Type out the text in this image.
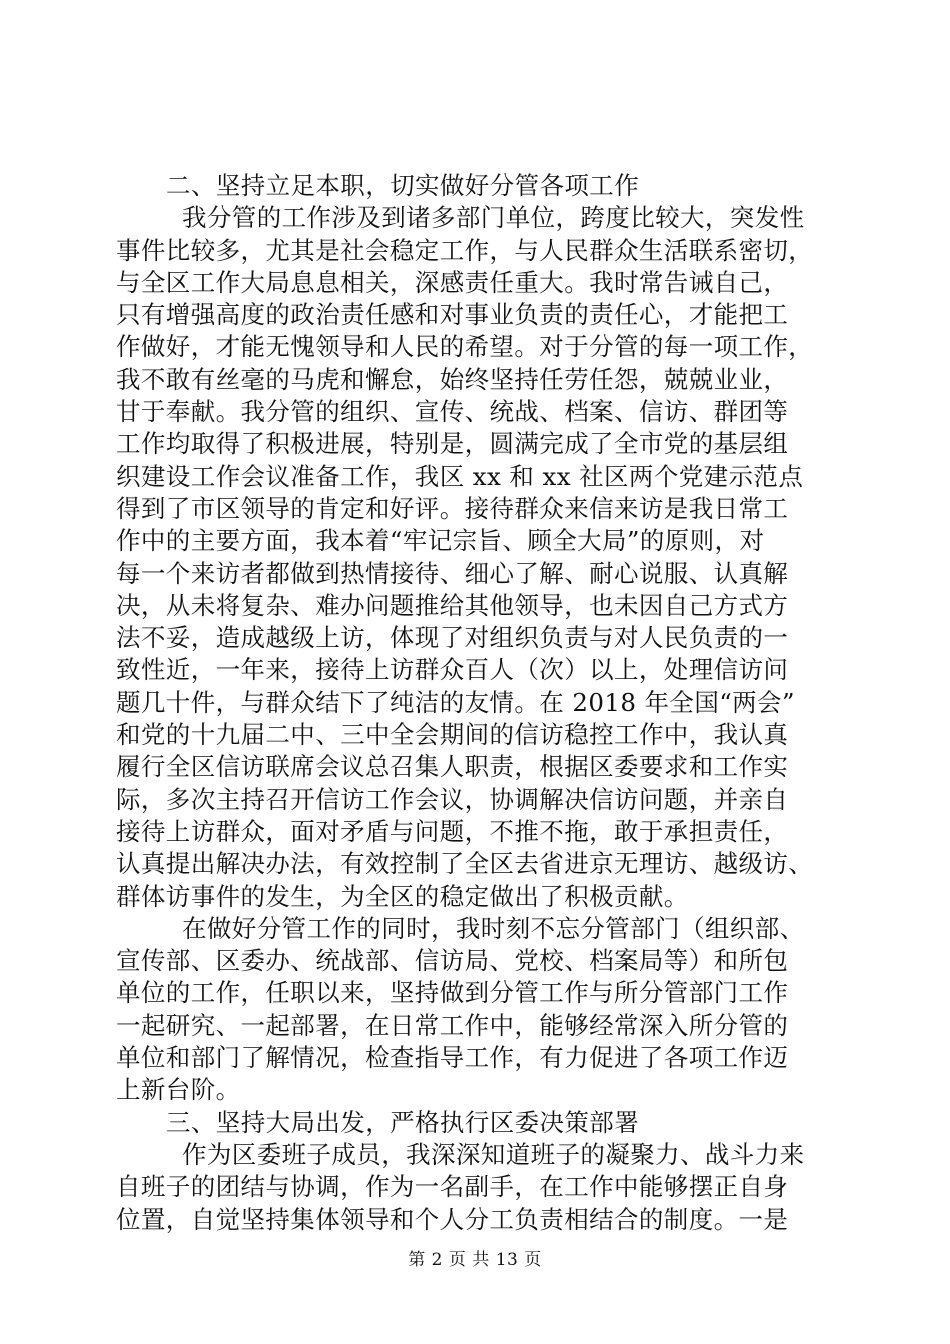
二、坚持立足本职，切实做好分管各项工作
我分管的工作涉及到诸多部门单位，跨度比较大，突发性
事件比较多，尤其是社会稳定工作，与人民群众生活联系密切，
与全区工作大局息息相关，深感责任重大。我时常告诫自己，
只有增强高度的政治责任感和对事业负责的责任心，才能把工
作做好，才能无愧领导和人民的希望。对于分管的每一项工作，
我不敢有丝毫的马虎和懈怠，始终坚持任劳任怨，兢兢业业，
甘于奉献。我分管的组织、宣传、统战、档案、信访、群团等
工作均取得了积极进展，特别是，圆满完成了全市党的基层组
织建设工作会议准备工作，我区 xx 和 xx 社区两个党建示范点
得到了市区领导的肯定和好评。接待群众来信来访是我日常工
作中的主要方面，我本着“牢记宗旨、顾全大局”的原则，对
每一个来访者都做到热情接待、细心了解、耐心说服、认真解
决，从未将复杂、难办问题推给其他领导，也未因自己方式方
法不妥，造成越级上访，体现了对组织负责与对人民负责的一
致性近，一年来，接待上访群众百人（次）以上，处理信访问
题几十件，与群众结下了纯洁的友情。在 2018 年全国“两会”
和党的十九届二中、三中全会期间的信访稳控工作中，我认真
履行全区信访联席会议总召集人职责，根据区委要求和工作实
际，多次主持召开信访工作会议，协调解决信访问题，并亲自
接待上访群众，面对矛盾与问题，不推不拖，敢于承担责任，
认真提出解决办法，有效控制了全区去省进京无理访、越级访、
群体访事件的发生，为全区的稳定做出了积极贡献。
在做好分管工作的同时，我时刻不忘分管部门（组织部、
宣传部、区委办、统战部、信访局、党校、档案局等）和所包
单位的工作，任职以来，坚持做到分管工作与所分管部门工作
一起研究、一起部署，在日常工作中，能够经常深入所分管的
单位和部门了解情况，检查指导工作，有力促进了各项工作迈
上新台阶。
三、坚持大局出发，严格执行区委决策部署
作为区委班子成员，我深深知道班子的凝聚力、战斗力来
自班子的团结与协调，作为一名副手，在工作中能够摆正自身
位置，自觉坚持集体领导和个人分工负责相结合的制度。一是
第 2 页 共 13 页
